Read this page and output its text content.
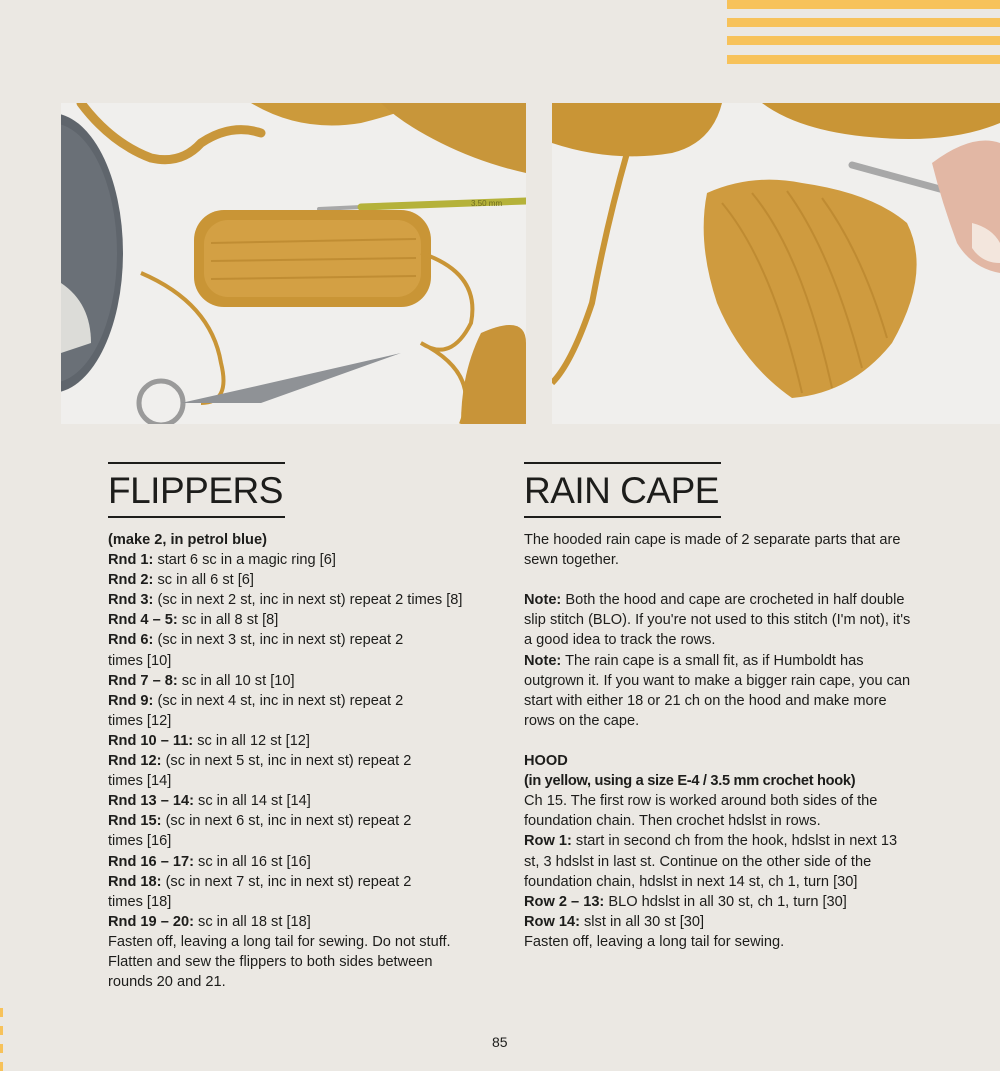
3.50 mm
FLIPPERS

(make 2, in petrol blue)

Rnd 1: start 6 sc in a magic ring [6]

Rnd 2: sc in all 6 st [6]

Rnd 3: (sc in next 2 st, inc in next st) repeat 2 times [8]

Rnd 4 – 5: sc in all 8 st [8]

Rnd 6: (sc in next 3 st, inc in next st) repeat 2 times [10]

Rnd 7 – 8: sc in all 10 st [10]

Rnd 9: (sc in next 4 st, inc in next st) repeat 2 times [12]

Rnd 10 – 11: sc in all 12 st [12]

Rnd 12: (sc in next 5 st, inc in next st) repeat 2 times [14]

Rnd 13 – 14: sc in all 14 st [14]

Rnd 15: (sc in next 6 st, inc in next st) repeat 2 times [16]

Rnd 16 – 17: sc in all 16 st [16]

Rnd 18: (sc in next 7 st, inc in next st) repeat 2 times [18]

Rnd 19 – 20: sc in all 18 st [18]

Fasten off, leaving a long tail for sewing. Do not stuff. Flatten and sew the flippers to both sides between rounds 20 and 21.

RAIN CAPE

The hooded rain cape is made of 2 separate parts that are sewn together.

Note: Both the hood and cape are crocheted in half double slip stitch (BLO). If you're not used to this stitch (I'm not), it's a good idea to track the rows.

Note: The rain cape is a small fit, as if Humboldt has outgrown it. If you want to make a bigger rain cape, you can start with either 18 or 21 ch on the hood and make more rows on the cape.

HOOD

(in yellow, using a size E-4 / 3.5 mm crochet hook)

Ch 15. The first row is worked around both sides of the foundation chain. Then crochet hdslst in rows.

Row 1: start in second ch from the hook, hdslst in next 13 st, 3 hdslst in last st. Continue on the other side of the foundation chain, hdslst in next 14 st, ch 1, turn [30]

Row 2 – 13: BLO hdslst in all 30 st, ch 1, turn [30]

Row 14: slst in all 30 st [30]

Fasten off, leaving a long tail for sewing.

85
